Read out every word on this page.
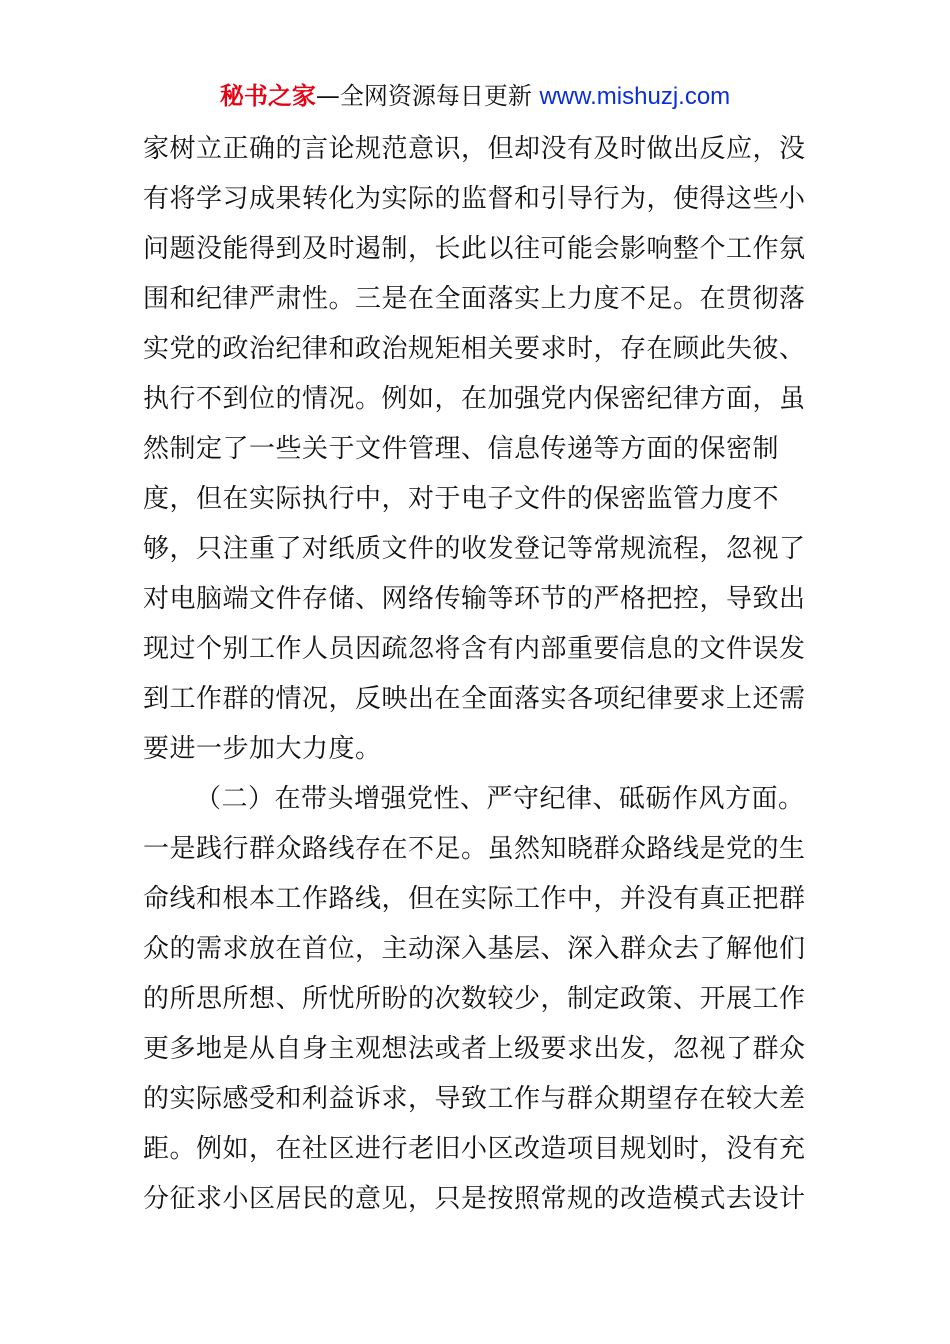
秘书之家—全网资源每日更新 www.mishuzj.com
家树立正确的言论规范意识，但却没有及时做出反应，没
有将学习成果转化为实际的监督和引导行为，使得这些小
问题没能得到及时遏制，长此以往可能会影响整个工作氛
围和纪律严肃性。三是在全面落实上力度不足。在贯彻落
实党的政治纪律和政治规矩相关要求时，存在顾此失彼、
执行不到位的情况。例如，在加强党内保密纪律方面，虽
然制定了一些关于文件管理、信息传递等方面的保密制
度，但在实际执行中，对于电子文件的保密监管力度不
够，只注重了对纸质文件的收发登记等常规流程，忽视了
对电脑端文件存储、网络传输等环节的严格把控，导致出
现过个别工作人员因疏忽将含有内部重要信息的文件误发
到工作群的情况，反映出在全面落实各项纪律要求上还需
要进一步加大力度。
（二）在带头增强党性、严守纪律、砥砺作风方面。
一是践行群众路线存在不足。虽然知晓群众路线是党的生
命线和根本工作路线，但在实际工作中，并没有真正把群
众的需求放在首位，主动深入基层、深入群众去了解他们
的所思所想、所忧所盼的次数较少，制定政策、开展工作
更多地是从自身主观想法或者上级要求出发，忽视了群众
的实际感受和利益诉求，导致工作与群众期望存在较大差
距。例如，在社区进行老旧小区改造项目规划时，没有充
分征求小区居民的意见，只是按照常规的改造模式去设计
